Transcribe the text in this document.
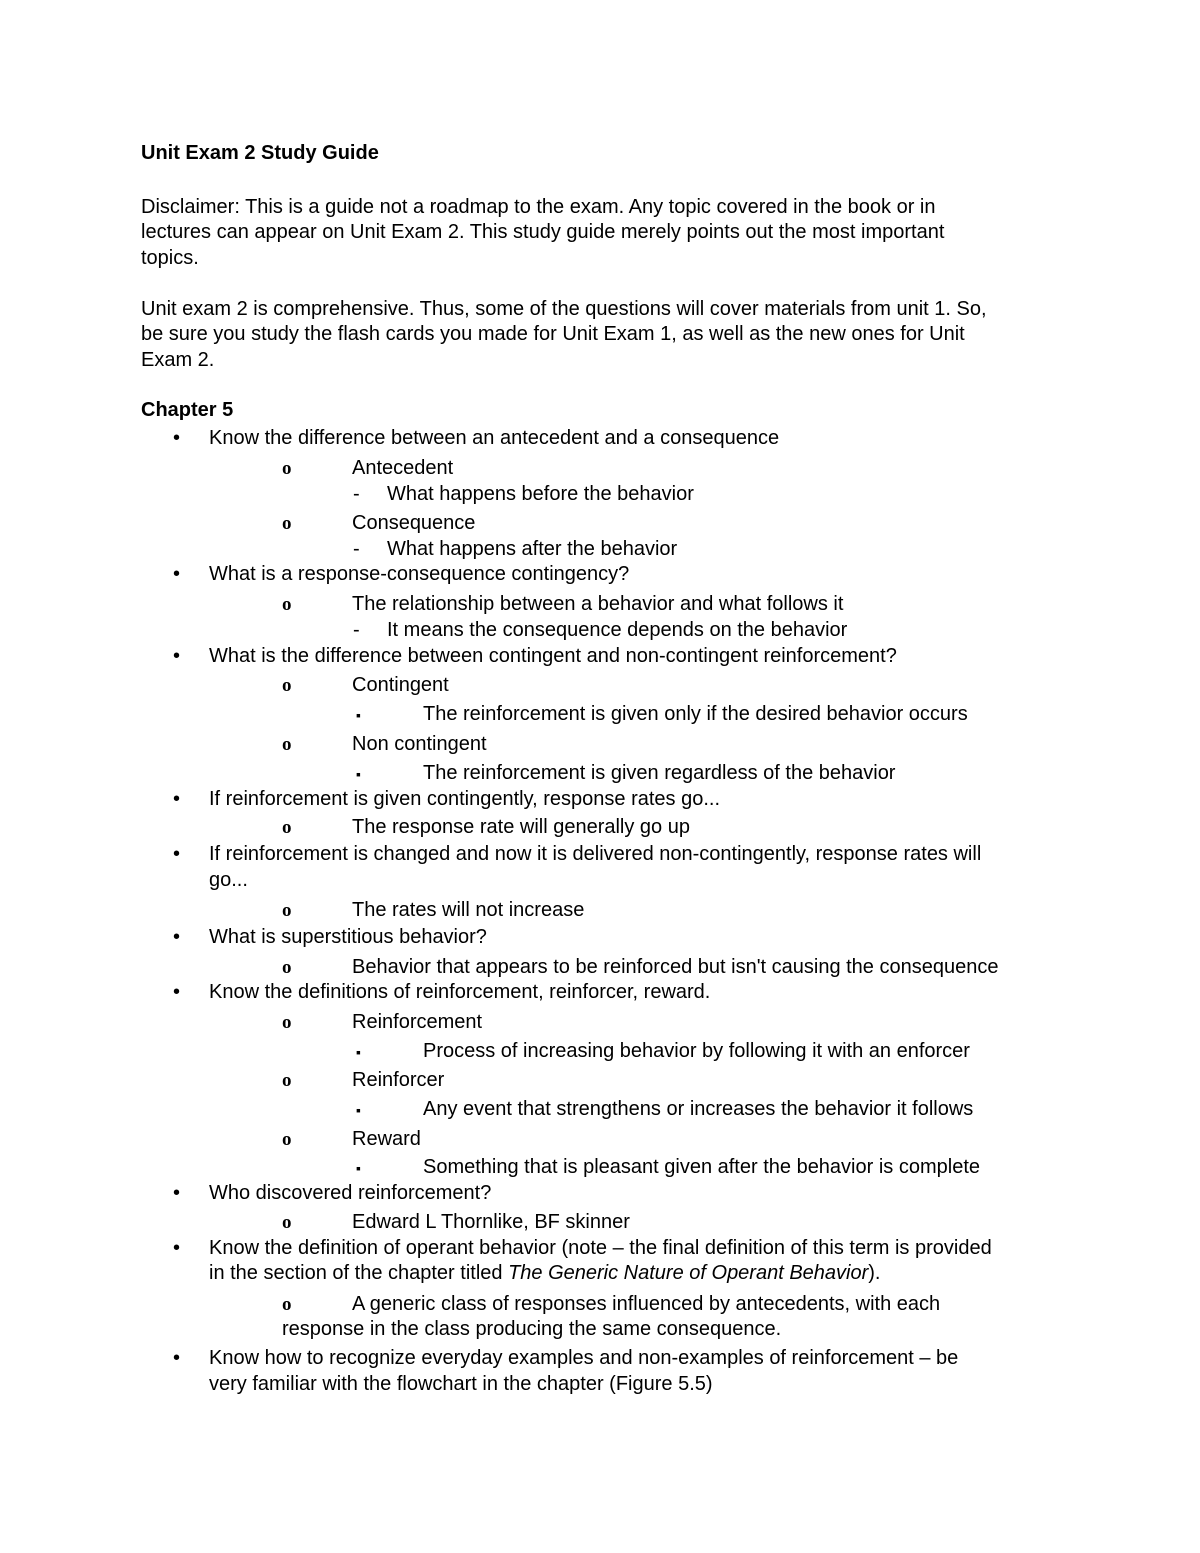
Unit Exam 2 Study Guide
Disclaimer: This is a guide not a roadmap to the exam. Any topic covered in the book or in
lectures can appear on Unit Exam 2. This study guide merely points out the most important
topics.
Unit exam 2 is comprehensive. Thus, some of the questions will cover materials from unit 1. So,
be sure you study the flash cards you made for Unit Exam 1, as well as the new ones for Unit
Exam 2.
Chapter 5
• Know the difference between an antecedent and a consequence
o	Antecedent
- What happens before the behavior
o	Consequence
- What happens after the behavior
• What is a response-consequence contingency?
o	The relationship between a behavior and what follows it
- It means the consequence depends on the behavior
• What is the difference between contingent and non-contingent reinforcement?
o	Contingent
▪	The reinforcement is given only if the desired behavior occurs
o	Non contingent
▪	The reinforcement is given regardless of the behavior
• If reinforcement is given contingently, response rates go...
o	The response rate will generally go up
• If reinforcement is changed and now it is delivered non-contingently, response rates will
go...
o	The rates will not increase
• What is superstitious behavior?
o	Behavior that appears to be reinforced but isn't causing the consequence
• Know the definitions of reinforcement, reinforcer, reward.
o	Reinforcement
▪	Process of increasing behavior by following it with an enforcer
o	Reinforcer
▪	Any event that strengthens or increases the behavior it follows
o	Reward
▪	Something that is pleasant given after the behavior is complete
• Who discovered reinforcement?
o	Edward L Thornlike, BF skinner
• Know the definition of operant behavior (note – the final definition of this term is provided
in the section of the chapter titled The Generic Nature of Operant Behavior).
o	A generic class of responses influenced by antecedents, with each
response in the class producing the same consequence.
• Know how to recognize everyday examples and non-examples of reinforcement – be
very familiar with the flowchart in the chapter (Figure 5.5)
